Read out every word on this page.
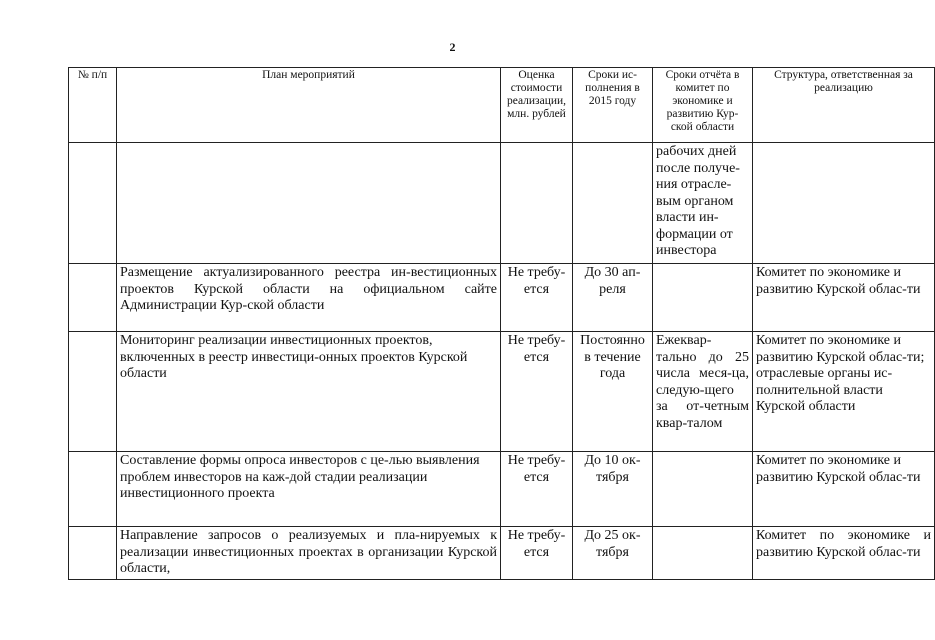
2
№ п/п	План мероприятий	Оценка стоимости реализации, млн. рублей	Сроки ис-полнения в 2015 году	Сроки отчёта в комитет по экономике и развитию Кур-ской области	Структура, ответственная за реализацию
				рабочих дней после получе-ния отрасле-вым органом власти ин-формации от инвестора	
	Размещение актуализированного реестра ин-вестиционных проектов Курской области на официальном сайте Администрации Кур-ской области	Не требу-ется	До 30 ап-реля		Комитет по экономике и развитию Курской облас-ти
	Мониторинг реализации инвестиционных проектов, включенных в реестр инвестици-онных проектов Курской области	Не требу-ется	Постоянно в течение года	Ежеквар-тально до 25 числа меся-ца, следую-щего за от-четным квар-талом	Комитет по экономике и развитию Курской облас-ти; отраслевые органы ис-полнительной власти Курской области
	Составление формы опроса инвесторов с це-лью выявления проблем инвесторов на каж-дой стадии реализации инвестиционного проекта	Не требу-ется	До 10 ок-тября		Комитет по экономике и развитию Курской облас-ти
	Направление запросов о реализуемых и пла-нируемых к реализации инвестиционных проектах в организации Курской области,	Не требу-ется	До 25 ок-тября		Комитет по экономике и развитию Курской облас-ти
